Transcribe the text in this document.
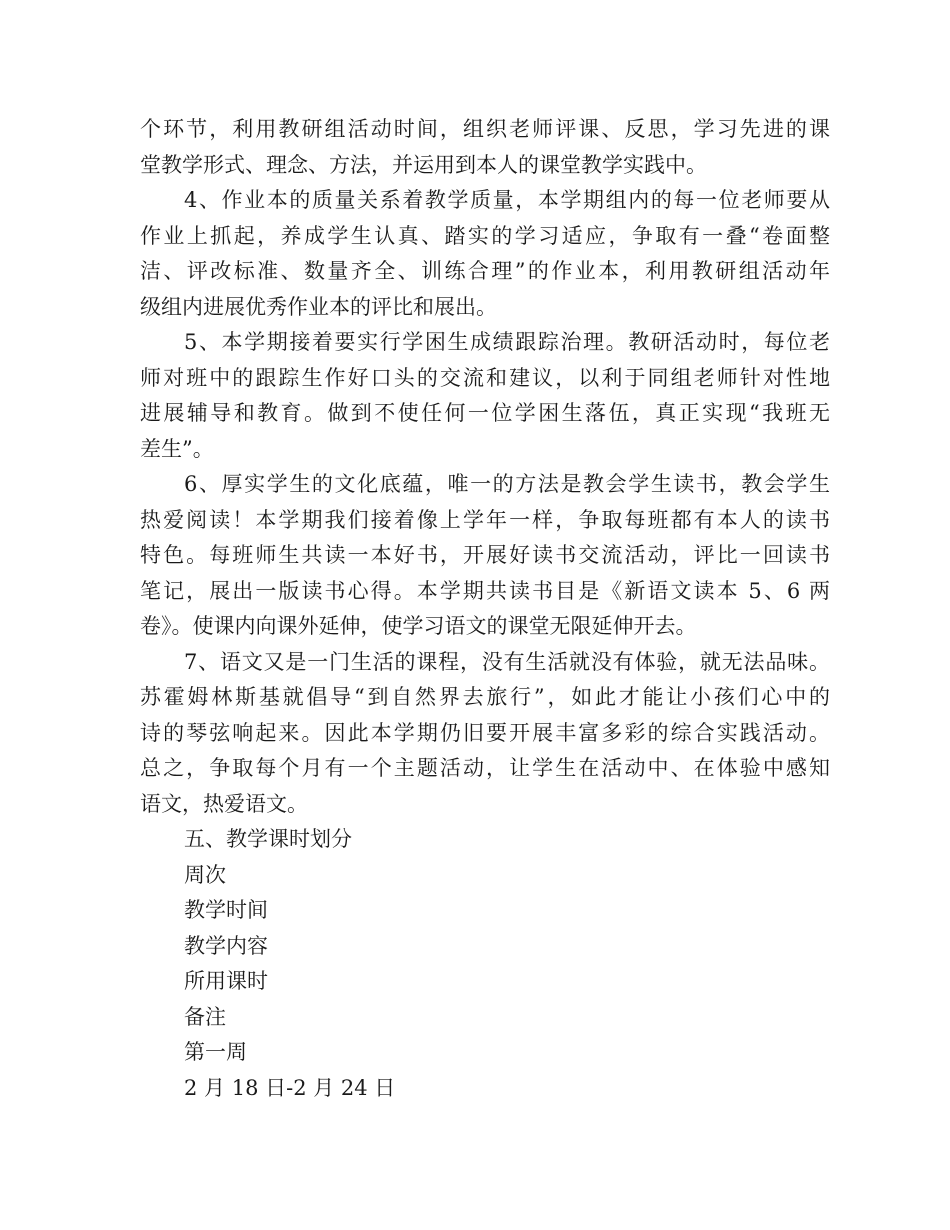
个环节，利用教研组活动时间，组织老师评课、反思，学习先进的课
堂教学形式、理念、方法，并运用到本人的课堂教学实践中。
4、作业本的质量关系着教学质量，本学期组内的每一位老师要从
作业上抓起，养成学生认真、踏实的学习适应，争取有一叠“卷面整
洁、评改标准、数量齐全、训练合理”的作业本，利用教研组活动年
级组内进展优秀作业本的评比和展出。
5、本学期接着要实行学困生成绩跟踪治理。教研活动时，每位老
师对班中的跟踪生作好口头的交流和建议，以利于同组老师针对性地
进展辅导和教育。做到不使任何一位学困生落伍，真正实现“我班无
差生”。
6、厚实学生的文化底蕴，唯一的方法是教会学生读书，教会学生
热爱阅读！本学期我们接着像上学年一样，争取每班都有本人的读书
特色。每班师生共读一本好书，开展好读书交流活动，评比一回读书
笔记，展出一版读书心得。本学期共读书目是《新语文读本 5、6 两
卷》。使课内向课外延伸，使学习语文的课堂无限延伸开去。
7、语文又是一门生活的课程，没有生活就没有体验，就无法品味。
苏霍姆林斯基就倡导“到自然界去旅行”，如此才能让小孩们心中的
诗的琴弦响起来。因此本学期仍旧要开展丰富多彩的综合实践活动。
总之，争取每个月有一个主题活动，让学生在活动中、在体验中感知
语文，热爱语文。
五、教学课时划分
周次
教学时间
教学内容
所用课时
备注
第一周
2 月 18 日-2 月 24 日
